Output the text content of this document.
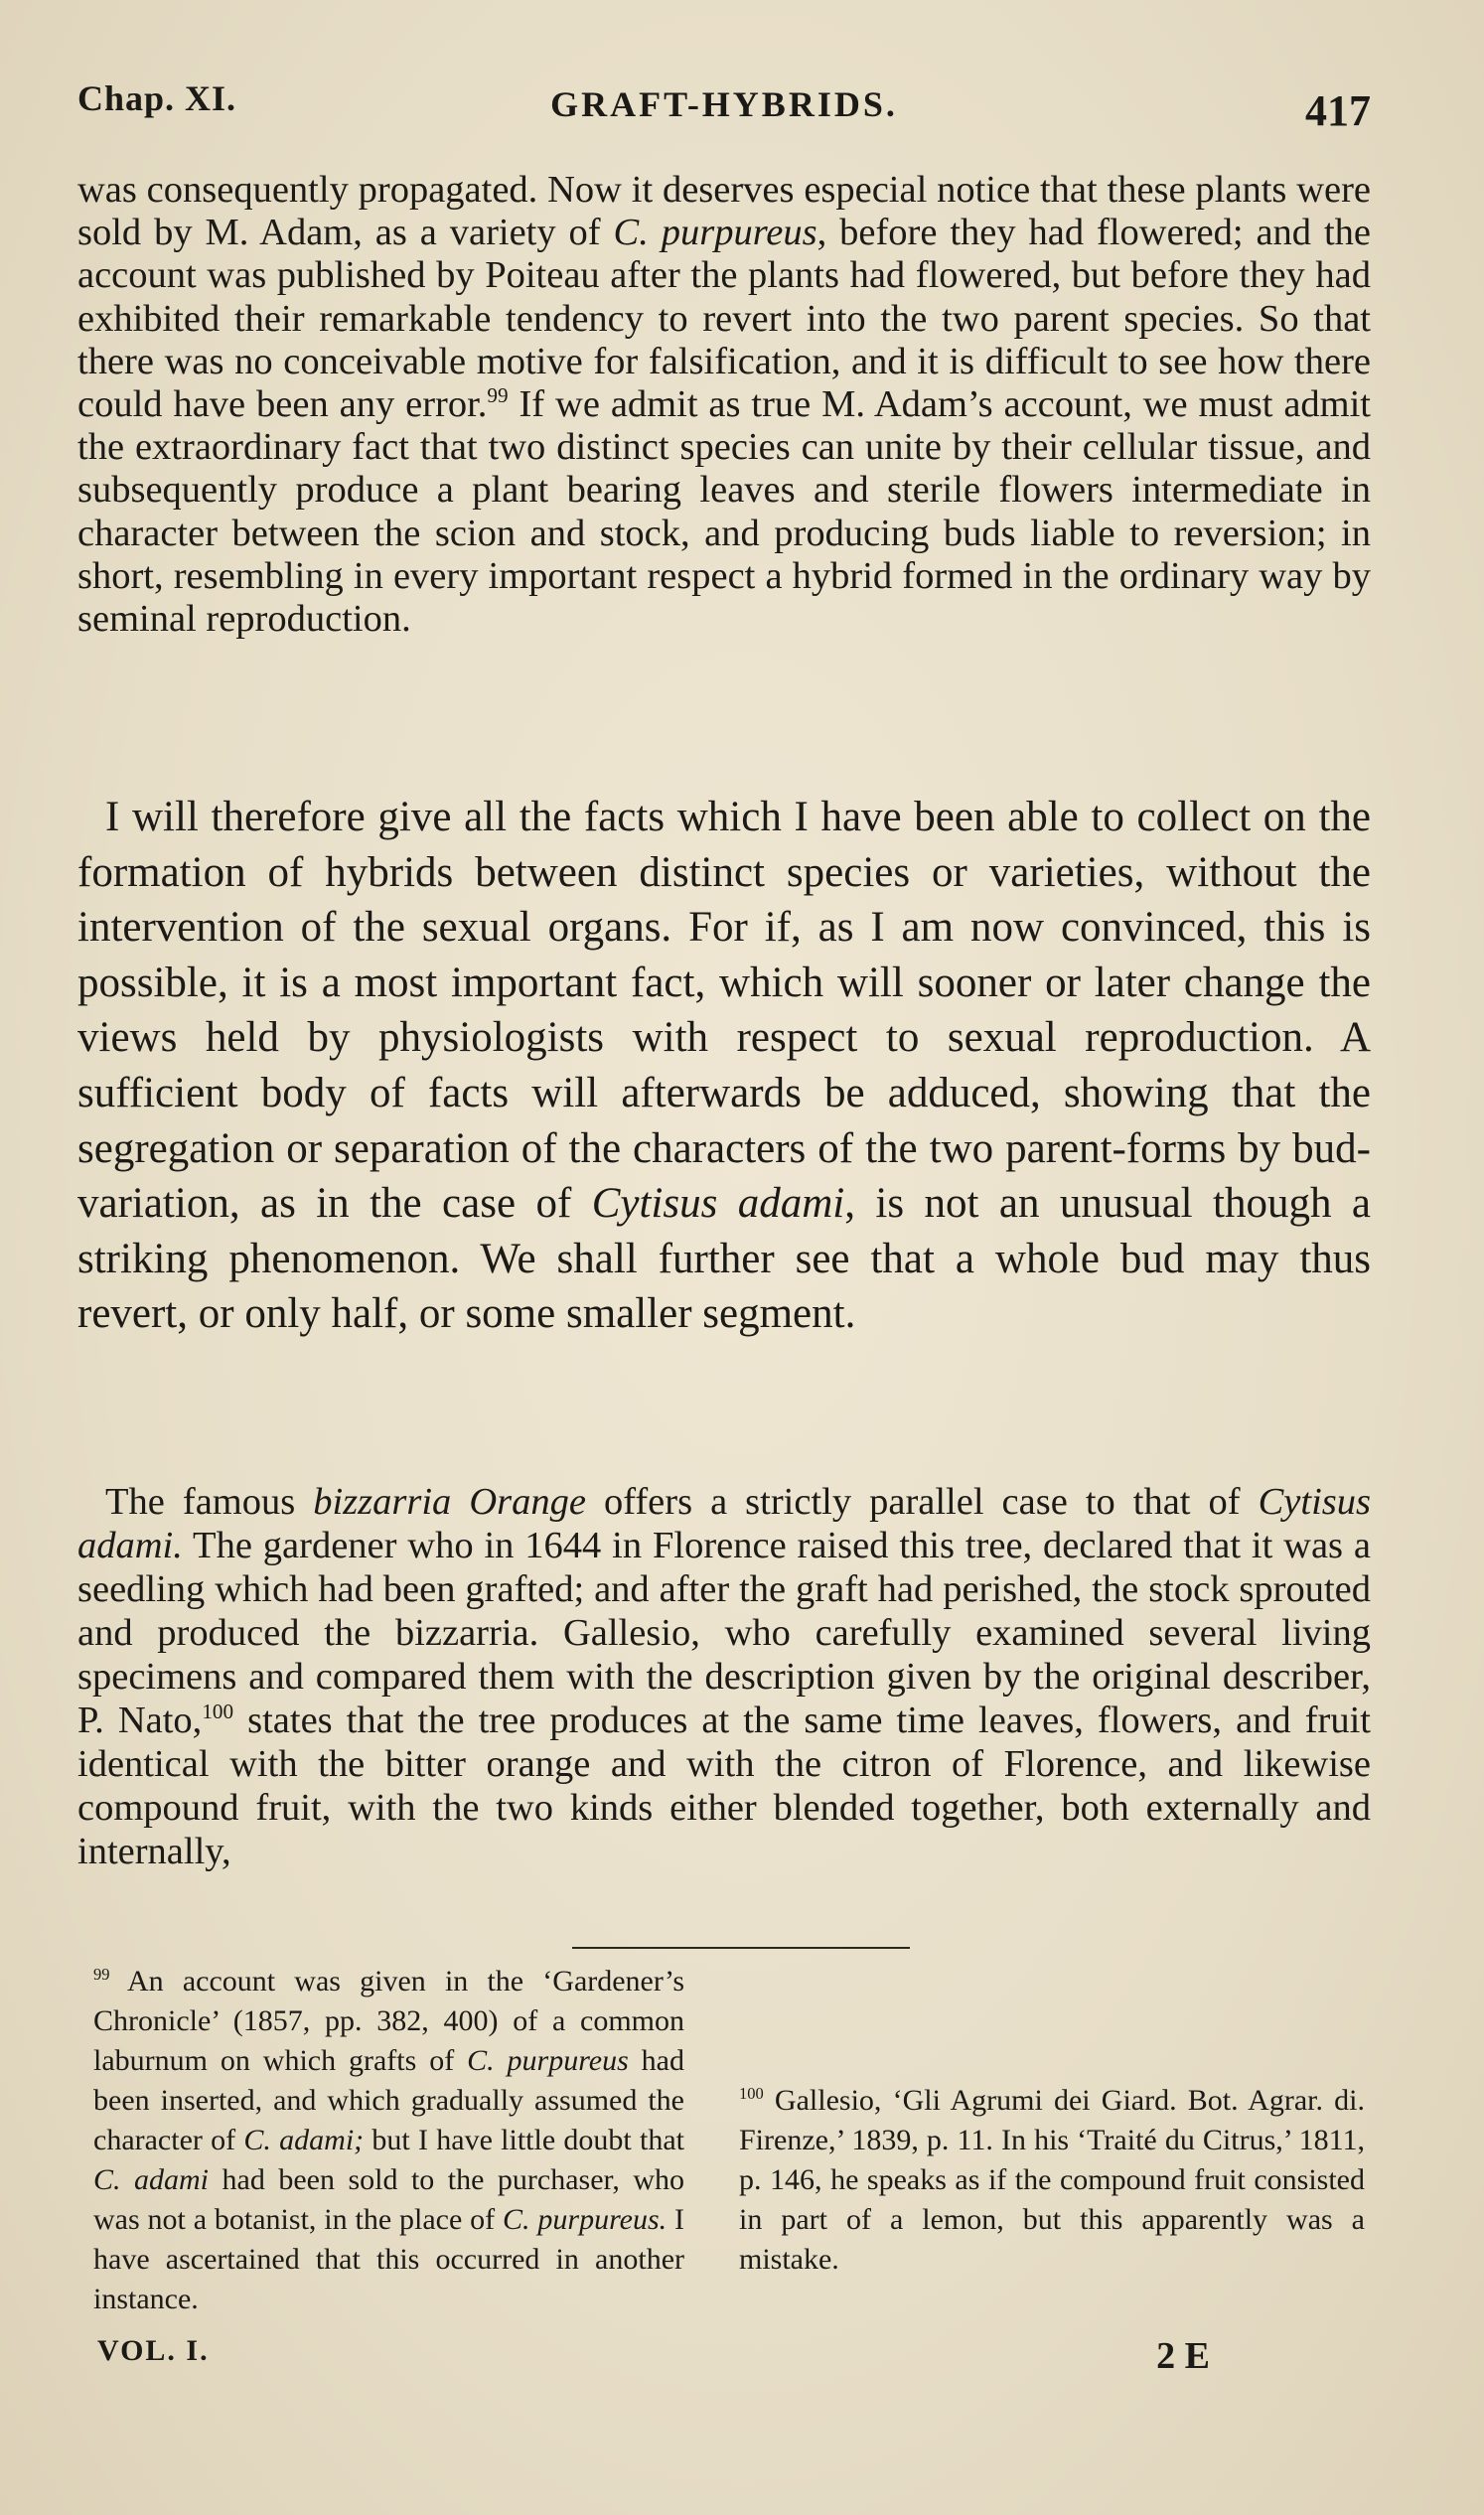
Chap. XI.	GRAFT-HYBRIDS.	417

was consequently propagated. Now it deserves especial notice that these plants were sold by M. Adam, as a variety of C. purpureus, before they had flowered; and the account was published by Poiteau after the plants had flowered, but before they had exhibited their remarkable tendency to revert into the two parent species. So that there was no conceivable motive for falsification, and it is difficult to see how there could have been any error.$^{99}$ If we admit as true M. Adam’s account, we must admit the extraordinary fact that two distinct species can unite by their cellular tissue, and subsequently produce a plant bearing leaves and sterile flowers intermediate in character between the scion and stock, and producing buds liable to reversion; in short, resembling in every important respect a hybrid formed in the ordinary way by seminal reproduction.

I will therefore give all the facts which I have been able to collect on the formation of hybrids between distinct species or varieties, without the intervention of the sexual organs. For if, as I am now convinced, this is possible, it is a most important fact, which will sooner or later change the views held by physiologists with respect to sexual reproduction. A sufficient body of facts will afterwards be adduced, showing that the segregation or separation of the characters of the two parent-forms by bud-variation, as in the case of Cytisus adami, is not an unusual though a striking phenomenon. We shall further see that a whole bud may thus revert, or only half, or some smaller segment.

The famous bizzarria Orange offers a strictly parallel case to that of Cytisus adami. The gardener who in 1644 in Florence raised this tree, declared that it was a seedling which had been grafted; and after the graft had perished, the stock sprouted and produced the bizzarria. Gallesio, who carefully examined several living specimens and compared them with the description given by the original describer, P. Nato,$^{100}$ states that the tree produces at the same time leaves, flowers, and fruit identical with the bitter orange and with the citron of Florence, and likewise compound fruit, with the two kinds either blended together, both externally and internally,

$^{99}$ An account was given in the ‘Gardener’s Chronicle’ (1857, pp. 382, 400) of a common laburnum on which grafts of C. purpureus had been inserted, and which gradually assumed the character of C. adami; but I have little doubt that C. adami had been sold to the purchaser, who was not a botanist, in the place of C. purpureus. I have ascertained that this occurred in another instance.

$^{100}$ Gallesio, ‘Gli Agrumi dei Giard. Bot. Agrar. di. Firenze,’ 1839, p. 11. In his ‘Traité du Citrus,’ 1811, p. 146, he speaks as if the compound fruit consisted in part of a lemon, but this apparently was a mistake.

VOL. I.	2 E
